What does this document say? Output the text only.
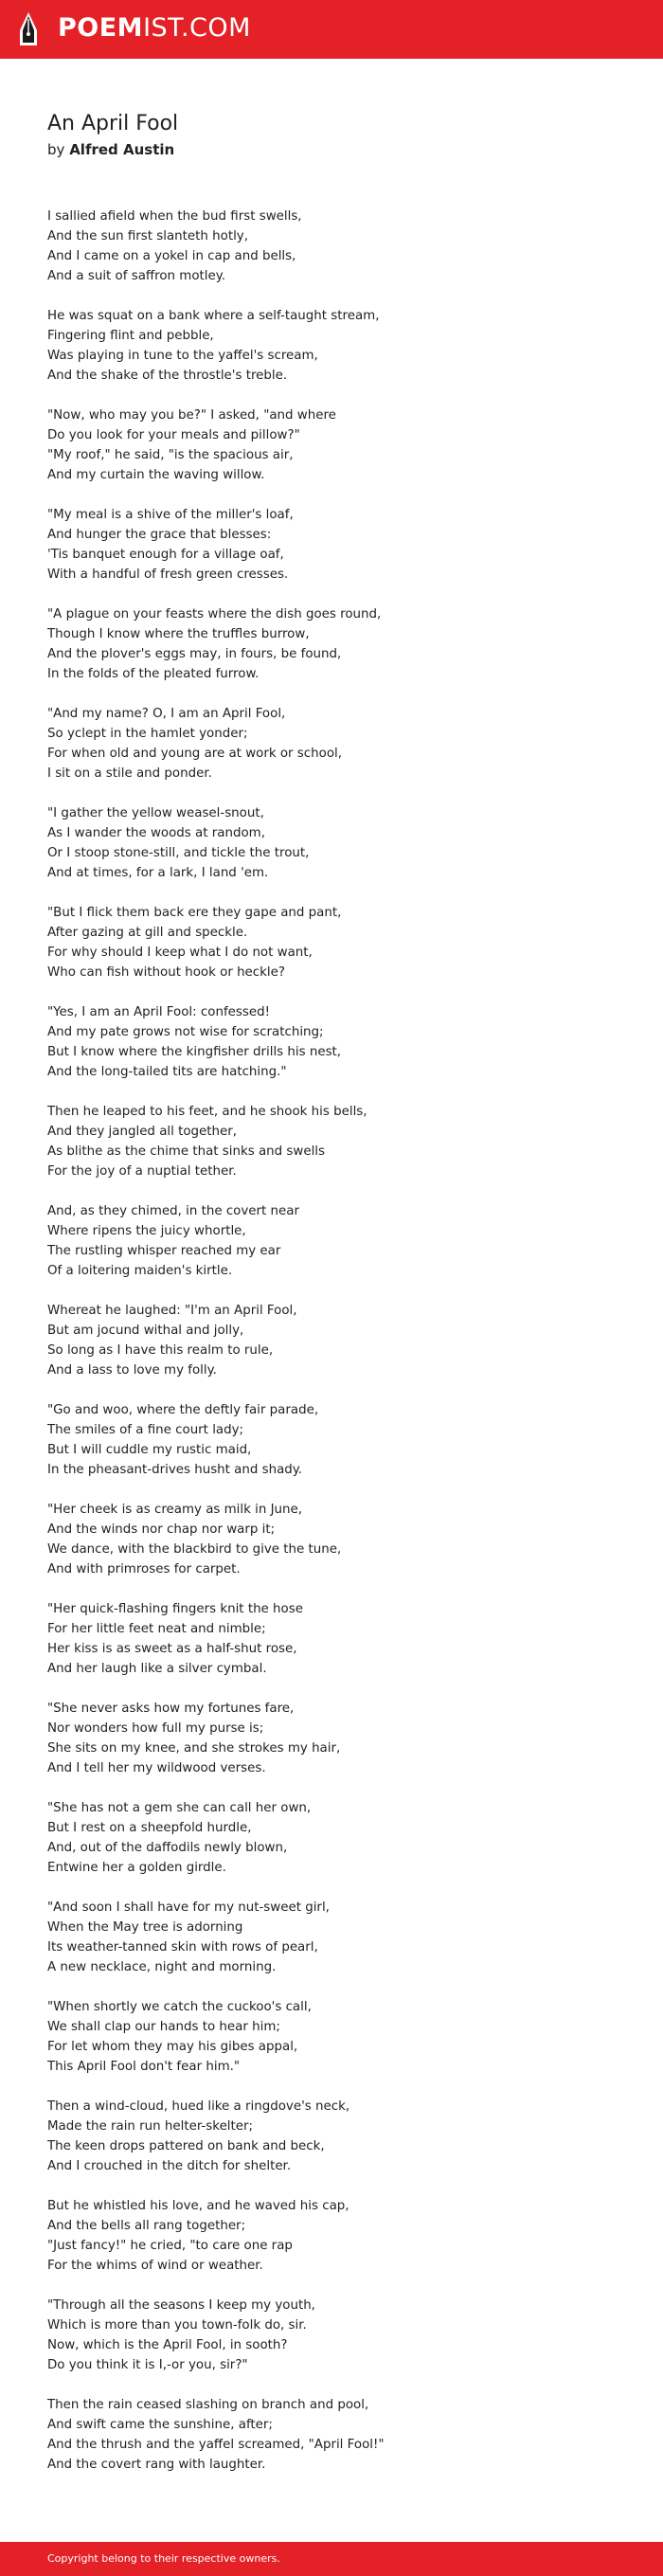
POEMIST.COM
An April Fool
by Alfred Austin
I sallied afield when the bud first swells,
And the sun first slanteth hotly,
And I came on a yokel in cap and bells,
And a suit of saffron motley.
He was squat on a bank where a self-taught stream,
Fingering flint and pebble,
Was playing in tune to the yaffel's scream,
And the shake of the throstle's treble.
"Now, who may you be?" I asked, "and where
Do you look for your meals and pillow?"
"My roof," he said, "is the spacious air,
And my curtain the waving willow.
"My meal is a shive of the miller's loaf,
And hunger the grace that blesses:
'Tis banquet enough for a village oaf,
With a handful of fresh green cresses.
"A plague on your feasts where the dish goes round,
Though I know where the truffles burrow,
And the plover's eggs may, in fours, be found,
In the folds of the pleated furrow.
"And my name? O, I am an April Fool,
So yclept in the hamlet yonder;
For when old and young are at work or school,
I sit on a stile and ponder.
"I gather the yellow weasel-snout,
As I wander the woods at random,
Or I stoop stone-still, and tickle the trout,
And at times, for a lark, I land 'em.
"But I flick them back ere they gape and pant,
After gazing at gill and speckle.
For why should I keep what I do not want,
Who can fish without hook or heckle?
"Yes, I am an April Fool: confessed!
And my pate grows not wise for scratching;
But I know where the kingfisher drills his nest,
And the long-tailed tits are hatching."
Then he leaped to his feet, and he shook his bells,
And they jangled all together,
As blithe as the chime that sinks and swells
For the joy of a nuptial tether.
And, as they chimed, in the covert near
Where ripens the juicy whortle,
The rustling whisper reached my ear
Of a loitering maiden's kirtle.
Whereat he laughed: "I'm an April Fool,
But am jocund withal and jolly,
So long as I have this realm to rule,
And a lass to love my folly.
"Go and woo, where the deftly fair parade,
The smiles of a fine court lady;
But I will cuddle my rustic maid,
In the pheasant-drives husht and shady.
"Her cheek is as creamy as milk in June,
And the winds nor chap nor warp it;
We dance, with the blackbird to give the tune,
And with primroses for carpet.
"Her quick-flashing fingers knit the hose
For her little feet neat and nimble;
Her kiss is as sweet as a half-shut rose,
And her laugh like a silver cymbal.
"She never asks how my fortunes fare,
Nor wonders how full my purse is;
She sits on my knee, and she strokes my hair,
And I tell her my wildwood verses.
"She has not a gem she can call her own,
But I rest on a sheepfold hurdle,
And, out of the daffodils newly blown,
Entwine her a golden girdle.
"And soon I shall have for my nut-sweet girl,
When the May tree is adorning
Its weather-tanned skin with rows of pearl,
A new necklace, night and morning.
"When shortly we catch the cuckoo's call,
We shall clap our hands to hear him;
For let whom they may his gibes appal,
This April Fool don't fear him."
Then a wind-cloud, hued like a ringdove's neck,
Made the rain run helter-skelter;
The keen drops pattered on bank and beck,
And I crouched in the ditch for shelter.
But he whistled his love, and he waved his cap,
And the bells all rang together;
"Just fancy!" he cried, "to care one rap
For the whims of wind or weather.
"Through all the seasons I keep my youth,
Which is more than you town-folk do, sir.
Now, which is the April Fool, in sooth?
Do you think it is I,-or you, sir?"
Then the rain ceased slashing on branch and pool,
And swift came the sunshine, after;
And the thrush and the yaffel screamed, "April Fool!"
And the covert rang with laughter.
Copyright belong to their respective owners.
